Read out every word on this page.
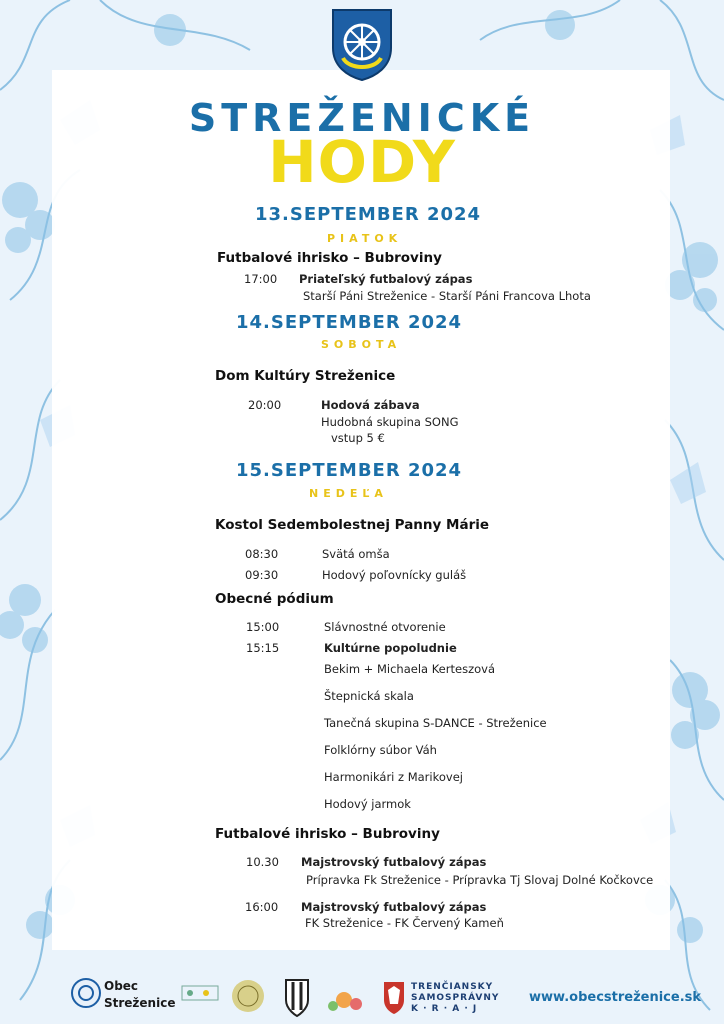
STREŽENICKÉ
HODY
13.SEPTEMBER 2024
PIATOK
Futbalové ihrisko – Bubroviny
17:00 Priateľský futbalový zápas
Starší Páni Streženice - Starší Páni Francova Lhota
14.SEPTEMBER 2024
SOBOTA
Dom Kultúry Streženice
20:00	Hodová zábava
Hudobná skupina SONG
vstup 5 €
15.SEPTEMBER 2024
NEDEĽA
Kostol Sedembolestnej Panny Márie
08:30	Svätá omša
09:30	Hodový poľovnícky guláš
Obecné pódium
15:00	Slávnostné otvorenie
15:15	Kultúrne popoludnie
Bekim + Michaela Kerteszová
Štepnická skala
Tanečná skupina S-DANCE - Streženice
Folklórny súbor Váh
Harmonikári z Marikovej
Hodový jarmok
Futbalové ihrisko – Bubroviny
10.30 Majstrovský futbalový zápas
Prípravka Fk Streženice - Prípravka Tj Slovaj Dolné Kočkovce
16:00 Majstrovský futbalový zápas
FK Streženice - FK Červený Kameň
Obec
Streženice
TRENČIANSKY
SAMOSPRÁVNY
K · R · A · J
www.obecstreženice.sk
